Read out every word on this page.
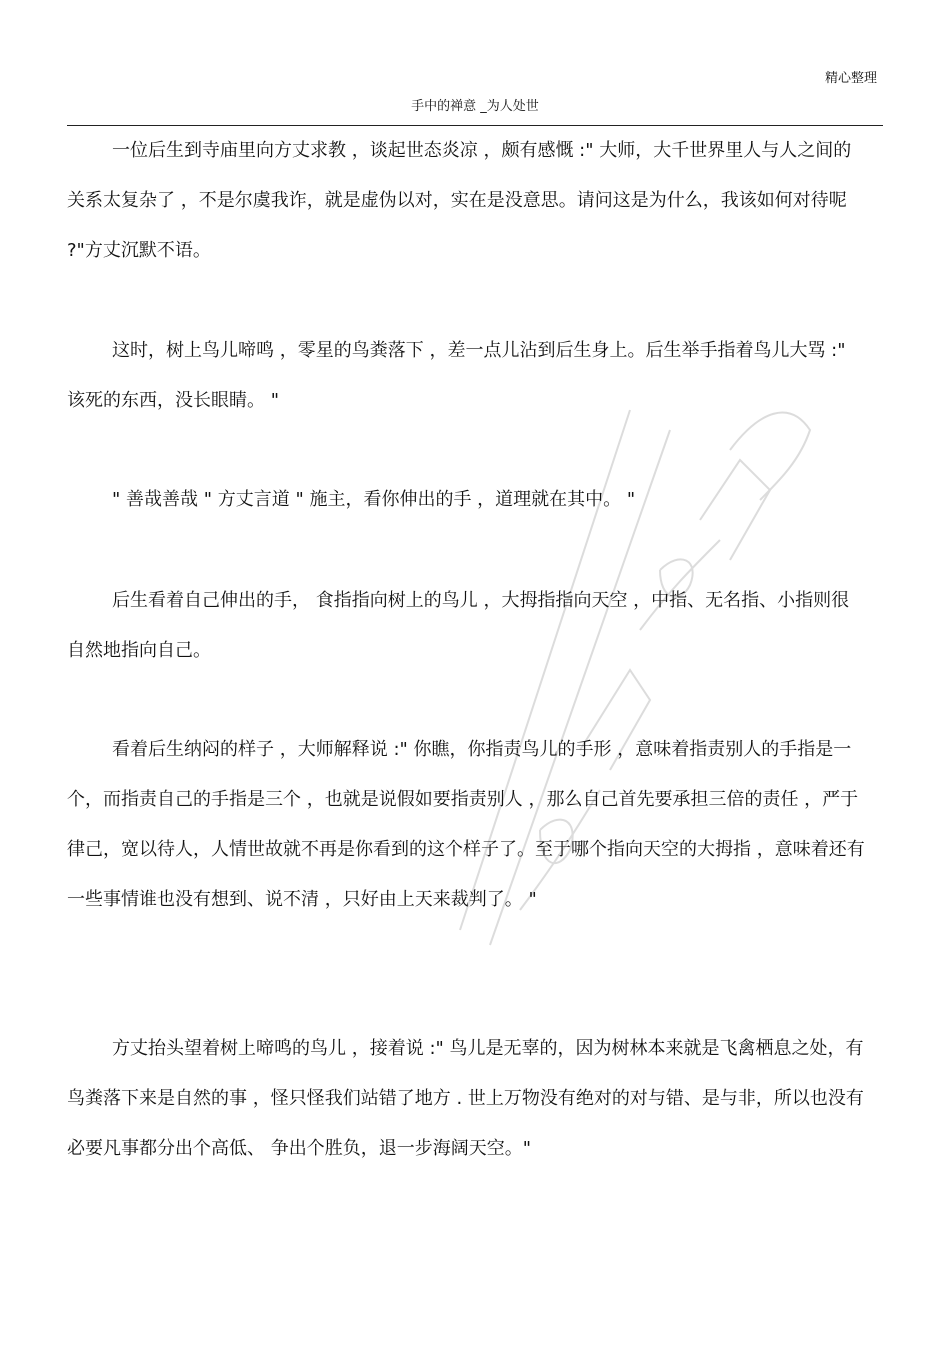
精心整理
手中的禅意 _为人处世

一位后生到寺庙里向方丈求教 ，谈起世态炎凉 ，颇有感慨 :" 大师，大千世界里人与人之间的关系太复杂了 ，不是尔虞我诈，就是虚伪以对，实在是没意思。请问这是为什么，我该如何对待呢 ?"方丈沉默不语。

这时，树上鸟儿啼鸣 ，零星的鸟粪落下 ，差一点儿沾到后生身上。后生举手指着鸟儿大骂 :" 该死的东西，没长眼睛。 "

" 善哉善哉 " 方丈言道 " 施主，看你伸出的手 ，道理就在其中。 "

后生看着自己伸出的手， 食指指向树上的鸟儿 ，大拇指指向天空 ，中指、无名指、小指则很自然地指向自己。

看着后生纳闷的样子 ，大师解释说 :" 你瞧，你指责鸟儿的手形 ，意味着指责别人的手指是一个，而指责自己的手指是三个 ，也就是说假如要指责别人 ，那么自己首先要承担三倍的责任 ，严于律己，宽以待人，人情世故就不再是你看到的这个样子了。至于哪个指向天空的大拇指 ，意味着还有一些事情谁也没有想到、说不清 ，只好由上天来裁判了。 "

方丈抬头望着树上啼鸣的鸟儿 ，接着说 :" 鸟儿是无辜的，因为树林本来就是飞禽栖息之处，有鸟粪落下来是自然的事 ，怪只怪我们站错了地方 . 世上万物没有绝对的对与错、是与非，所以也没有必要凡事都分出个高低、 争出个胜负，退一步海阔天空。"
